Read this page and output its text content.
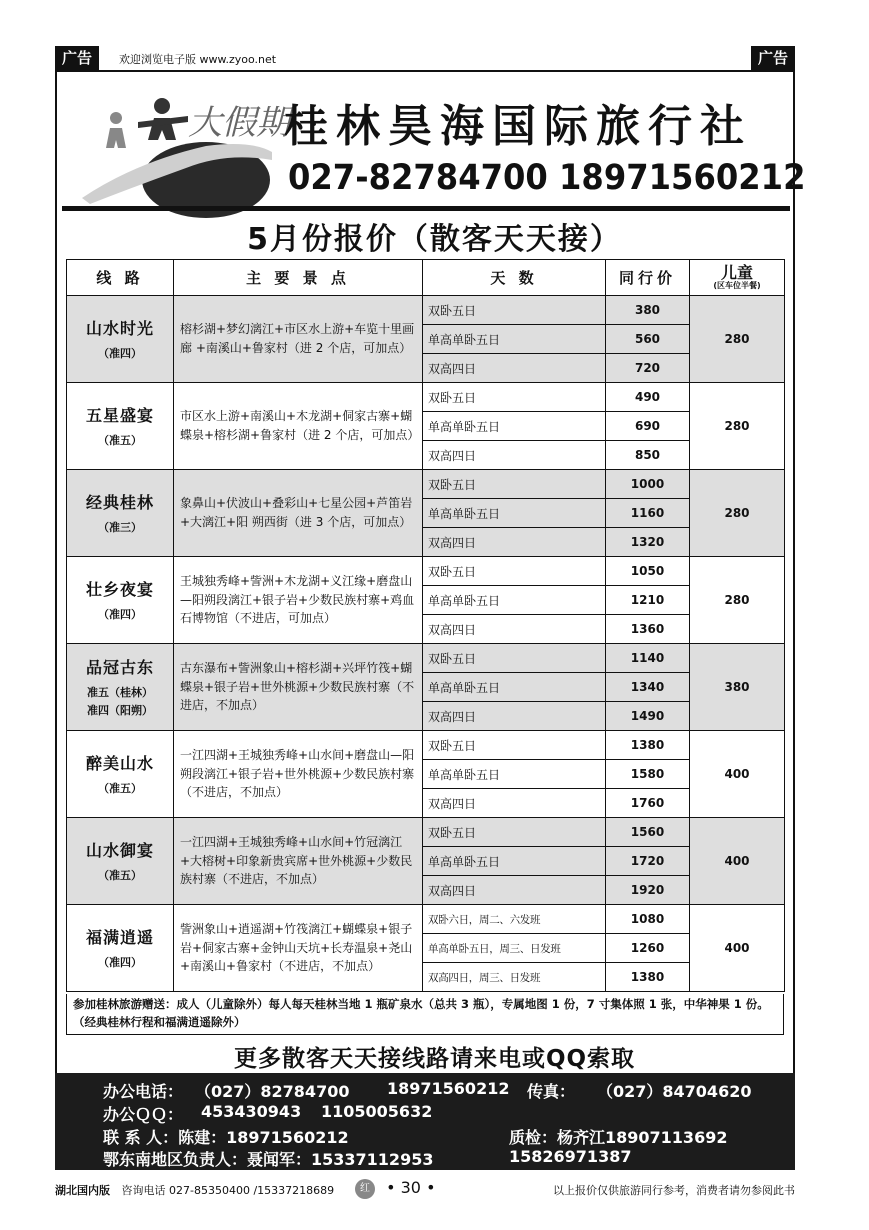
广告	欢迎浏览电子版 www.zyoo.net	广告
大假期
桂林昊海国际旅行社
027-82784700 18971560212
5月份报价（散客天天接）
线 路	主 要 景 点	天 数	同行价	儿童
(区车位半餐)

山水时光
（准四）	榕杉湖+梦幻漓江+市区水上游+车览十里画廊 +南溪山+鲁家村（进 2 个店，可加点）	双卧五日	380	280
		单高单卧五日	560	
		双高四日	720	

五星盛宴
（准五）	市区水上游+南溪山+木龙湖+侗家古寨+蝴蝶泉+榕杉湖+鲁家村（进 2 个店，可加点）	双卧五日	490	280
		单高单卧五日	690	
		双高四日	850	

经典桂林
（准三）	象鼻山+伏波山+叠彩山+七星公园+芦笛岩+大漓江+阳 朔西街（进 3 个店，可加点）	双卧五日	1000	280
		单高单卧五日	1160	
		双高四日	1320	

壮乡夜宴
（准四）	王城独秀峰+訾洲+木龙湖+义江缘+磨盘山—阳朔段漓江+银子岩+少数民族村寨+鸡血石博物馆（不进店，可加点）	双卧五日	1050	280
		单高单卧五日	1210	
		双高四日	1360	

品冠古东
准五（桂林）
准四（阳朔）	古东瀑布+訾洲象山+榕杉湖+兴坪竹筏+蝴蝶泉+银子岩+世外桃源+少数民族村寨（不进店，不加点）	双卧五日	1140	380
		单高单卧五日	1340	
		双高四日	1490	

醉美山水
（准五）	一江四湖+王城独秀峰+山水间+磨盘山—阳朔段漓江+银子岩+世外桃源+少数民族村寨（不进店，不加点）	双卧五日	1380	400
		单高单卧五日	1580	
		双高四日	1760	

山水御宴
（准五）	一江四湖+王城独秀峰+山水间+竹冠漓江+大榕树+印象新贵宾席+世外桃源+少数民族村寨（不进店，不加点）	双卧五日	1560	400
		单高单卧五日	1720	
		双高四日	1920	

福满逍遥
（准四）	訾洲象山+逍遥湖+竹筏漓江+蝴蝶泉+银子岩+侗家古寨+金钟山天坑+长寿温泉+尧山+南溪山+鲁家村（不进店，不加点）	双卧六日，周二、六发班	1080	400
		单高单卧五日，周三、日发班	1260	
		双高四日，周三、日发班	1380	
参加桂林旅游赠送：成人（儿童除外）每人每天桂林当地 1 瓶矿泉水（总共 3 瓶），专属地图 1 份，7 寸集体照 1 张，中华神果 1 份。（经典桂林行程和福满逍遥除外）
更多散客天天接线路请来电或QQ索取
办公电话： （027）82784700 18971560212 传真： （027）84704620
办公ＱＱ： 453430943 1105005632
联 系 人：陈建：18971560212	质检：杨齐江18907113692
鄂东南地区负责人：聂闻军：15337112953	15826971387
湖北国内版 咨询电话 027-85350400 /15337218689	红 • 30 •	以上报价仅供旅游同行参考，消费者请勿参阅此书
